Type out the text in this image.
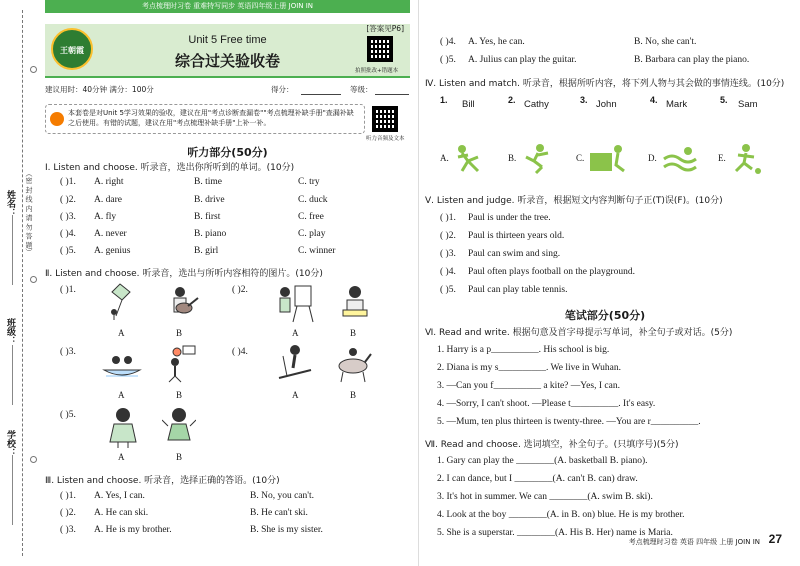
姓名：
班级：
学校：
（密 封 线 内 请 勿 答 题）
考点梳理时习卷 重难特写同步 英语四年级上册 JOIN IN
王朝霞
Unit 5 Free time
综合过关验收卷
[答案见P6]
拍照批改+错题本
建议用时：40分钟 满分：100分	得分：	等级：
本套卷是对Unit 5学习效果的验收，建议在用"考点诊断查漏卷""考点梳理补缺手册"查漏补缺之后使用。有错的试题，建议在用"考点梳理补缺手册"上补一补。
听力音频及文本
听力部分(50分)
Ⅰ. Listen and choose. 听录音，选出你所听到的单词。(10分)
( )1. A. right	B. time	C. try
( )2. A. dare	B. drive	C. duck
( )3. A. fly	B. first	C. free
( )4. A. never	B. piano	C. play
( )5. A. genius	B. girl	C. winner
Ⅱ. Listen and choose. 听录音，选出与所听内容相符的图片。(10分)
( )1.
A	B
( )2.
A	B
( )3.
A	B
( )4.
A	B
( )5.
A	B
Ⅲ. Listen and choose. 听录音，选择正确的答语。(10分)
( )1. A. Yes, I can.	B. No, you can't.
( )2. A. He can ski.	B. He can't ski.
( )3. A. He is my brother.	B. She is my sister.
( )4. A. Yes, he can.	B. No, she can't.
( )5. A. Julius can play the guitar.	B. Barbara can play the piano.
Ⅳ. Listen and match. 听录音，根据所听内容，将下列人物与其会做的事情连线。(10分)
1. Bill	2. Cathy	3. John	4. Mark	5. Sam
A.	B.	C.	D.	E.
Ⅴ. Listen and judge. 听录音，根据短文内容判断句子正(T)误(F)。(10分)
( )1. Paul is under the tree.
( )2. Paul is thirteen years old.
( )3. Paul can swim and sing.
( )4. Paul often plays football on the playground.
( )5. Paul can play table tennis.
笔试部分(50分)
Ⅵ. Read and write. 根据句意及首字母提示写单词，补全句子或对话。(5分)
1. Harry is a p__________. His school is big.
2. Diana is my s__________. We live in Wuhan.
3. —Can you f__________ a kite? —Yes, I can.
4. —Sorry, I can't shoot. —Please t__________. It's easy.
5. —Mum, ten plus thirteen is twenty-three. —You are r__________.
Ⅶ. Read and choose. 选词填空，补全句子。(只填序号)(5分)
1. Gary can play the ________(A. basketball B. piano).
2. I can dance, but I ________(A. can't B. can) draw.
3. It's hot in summer. We can ________(A. swim B. ski).
4. Look at the boy ________(A. in B. on) blue. He is my brother.
5. She is a superstar. ________(A. His B. Her) name is Maria.
考点梳理时习卷 英语 四年级 上册 JOIN IN 27
